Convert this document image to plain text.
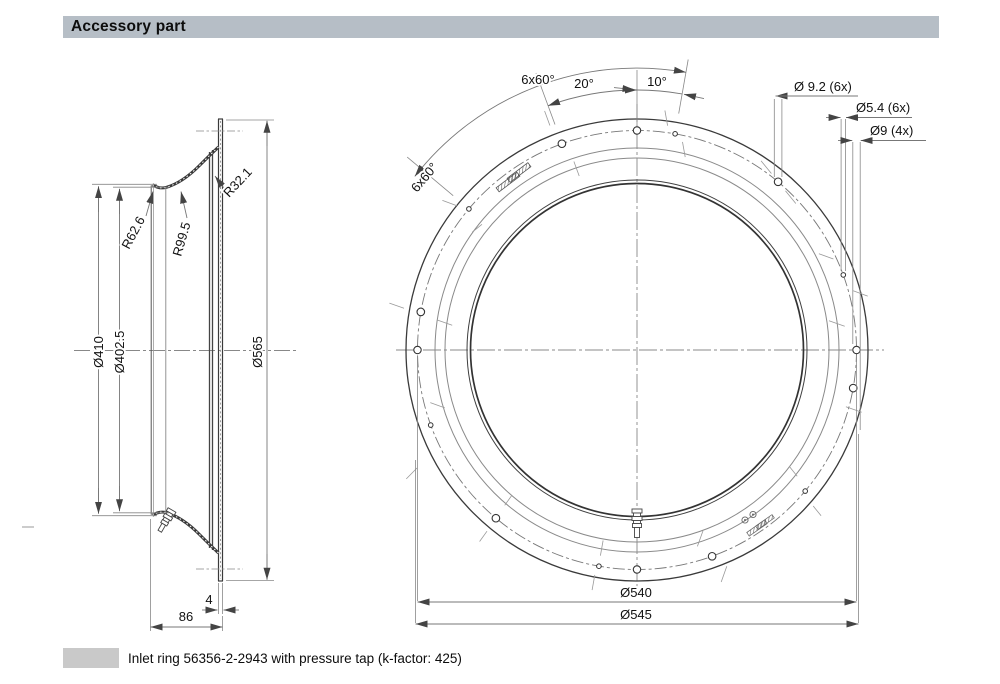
Accessory part
Ø410 Ø402.5	Ø565
R62.6 R99.5
R32.1
4
86
20°	10°
6x60°
6x60°
Ø 9.2 (6x)
Ø5.4 (6x)
Ø9 (4x)
Ø540
Ø545
Inlet ring 56356-2-2943 with pressure tap (k-factor: 425)
